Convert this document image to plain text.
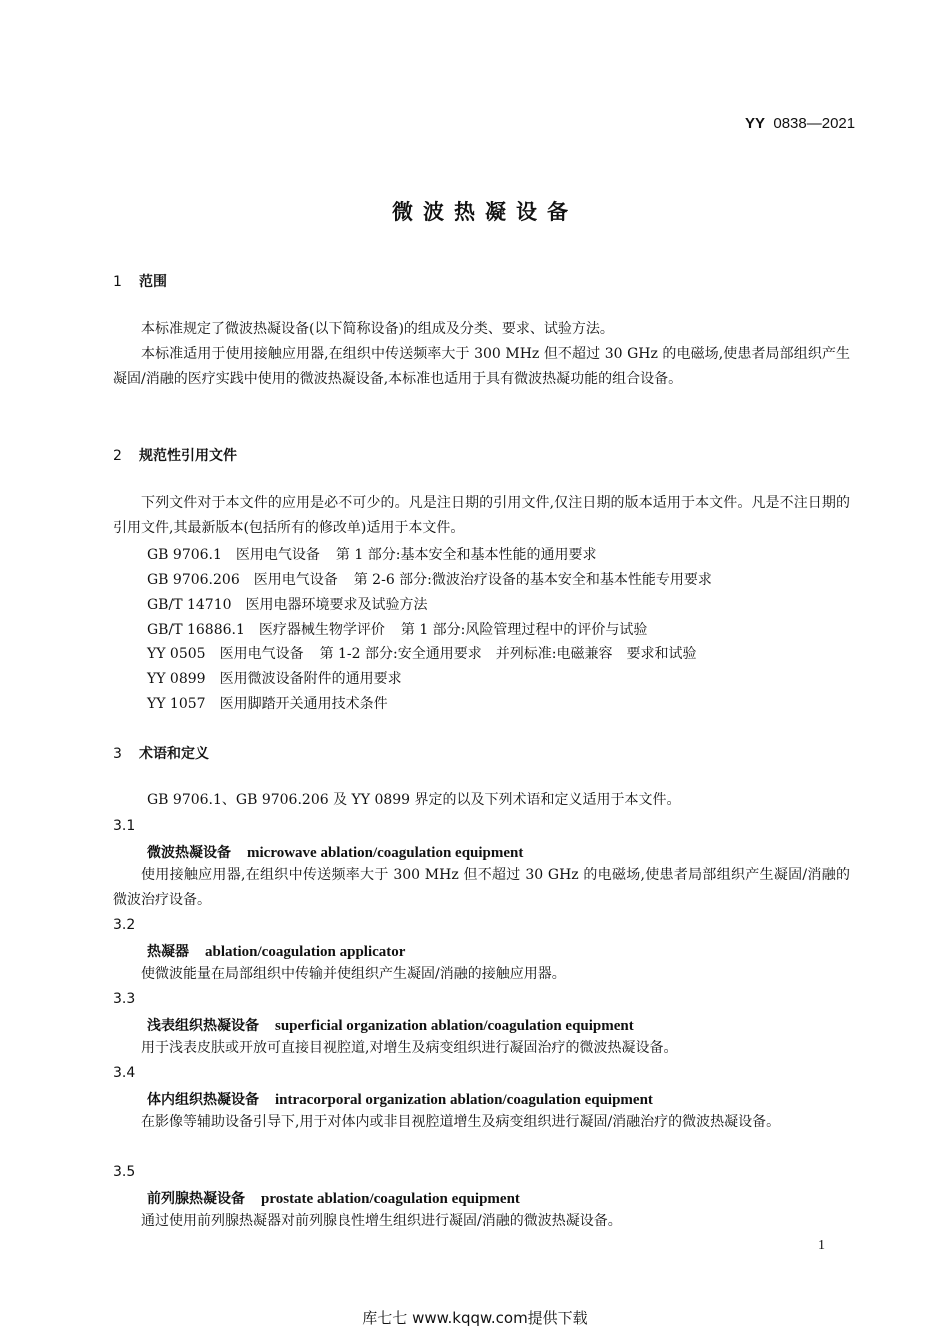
YY 0838—2021
微波热凝设备
1 范围
本标准规定了微波热凝设备(以下简称设备)的组成及分类、要求、试验方法。
本标准适用于使用接触应用器,在组织中传送频率大于 300 MHz 但不超过 30 GHz 的电磁场,使患者局部组织产生凝固/消融的医疗实践中使用的微波热凝设备,本标准也适用于具有微波热凝功能的组合设备。
2 规范性引用文件
下列文件对于本文件的应用是必不可少的。凡是注日期的引用文件,仅注日期的版本适用于本文件。凡是不注日期的引用文件,其最新版本(包括所有的修改单)适用于本文件。
GB 9706.1 医用电气设备 第 1 部分:基本安全和基本性能的通用要求
GB 9706.206 医用电气设备 第 2-6 部分:微波治疗设备的基本安全和基本性能专用要求
GB/T 14710 医用电器环境要求及试验方法
GB/T 16886.1 医疗器械生物学评价 第 1 部分:风险管理过程中的评价与试验
YY 0505 医用电气设备 第 1-2 部分:安全通用要求　并列标准:电磁兼容　要求和试验
YY 0899 医用微波设备附件的通用要求
YY 1057 医用脚踏开关通用技术条件
3 术语和定义
GB 9706.1、GB 9706.206 及 YY 0899 界定的以及下列术语和定义适用于本文件。
3.1
微波热凝设备 microwave ablation/coagulation equipment
使用接触应用器,在组织中传送频率大于 300 MHz 但不超过 30 GHz 的电磁场,使患者局部组织产生凝固/消融的微波治疗设备。
3.2
热凝器 ablation/coagulation applicator
使微波能量在局部组织中传输并使组织产生凝固/消融的接触应用器。
3.3
浅表组织热凝设备 superficial organization ablation/coagulation equipment
用于浅表皮肤或开放可直接目视腔道,对增生及病变组织进行凝固治疗的微波热凝设备。
3.4
体内组织热凝设备 intracorporal organization ablation/coagulation equipment
在影像等辅助设备引导下,用于对体内或非目视腔道增生及病变组织进行凝固/消融治疗的微波热凝设备。
3.5
前列腺热凝设备 prostate ablation/coagulation equipment
通过使用前列腺热凝器对前列腺良性增生组织进行凝固/消融的微波热凝设备。
1
库七七 www.kqqw.com提供下载
